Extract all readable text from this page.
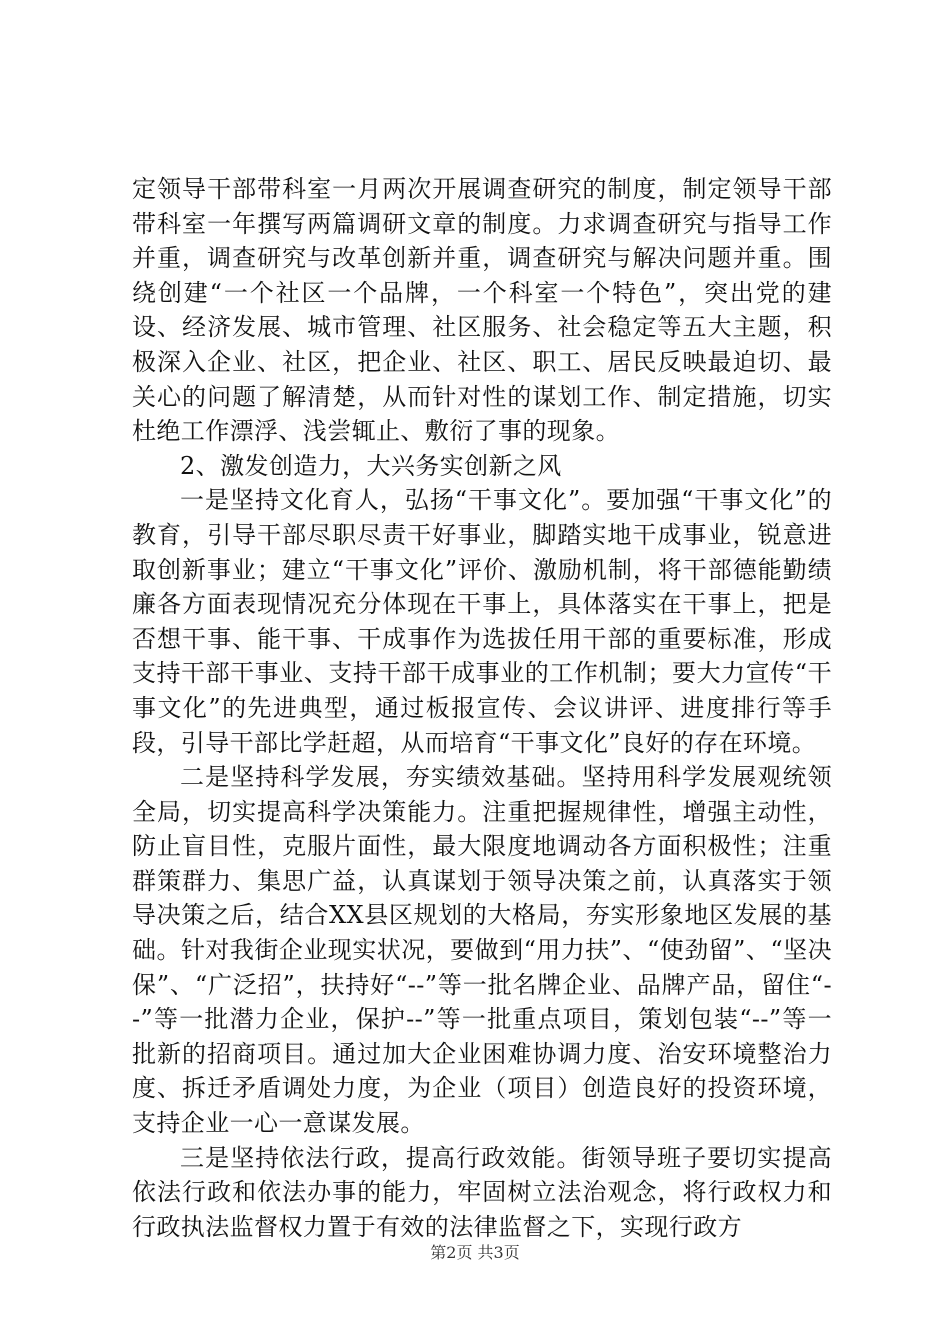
定领导干部带科室一月两次开展调查研究的制度，制定领导干部带科室一年撰写两篇调研文章的制度。力求调查研究与指导工作并重，调查研究与改革创新并重，调查研究与解决问题并重。围绕创建“一个社区一个品牌，一个科室一个特色”，突出党的建设、经济发展、城市管理、社区服务、社会稳定等五大主题，积极深入企业、社区，把企业、社区、职工、居民反映最迫切、最关心的问题了解清楚，从而针对性的谋划工作、制定措施，切实杜绝工作漂浮、浅尝辄止、敷衍了事的现象。

2、激发创造力，大兴务实创新之风

一是坚持文化育人，弘扬“干事文化”。要加强“干事文化”的教育，引导干部尽职尽责干好事业，脚踏实地干成事业，锐意进取创新事业；建立“干事文化”评价、激励机制，将干部德能勤绩廉各方面表现情况充分体现在干事上，具体落实在干事上，把是否想干事、能干事、干成事作为选拔任用干部的重要标准，形成支持干部干事业、支持干部干成事业的工作机制；要大力宣传“干事文化”的先进典型，通过板报宣传、会议讲评、进度排行等手段，引导干部比学赶超，从而培育“干事文化”良好的存在环境。

二是坚持科学发展，夯实绩效基础。坚持用科学发展观统领全局，切实提高科学决策能力。注重把握规律性，增强主动性，防止盲目性，克服片面性，最大限度地调动各方面积极性；注重群策群力、集思广益，认真谋划于领导决策之前，认真落实于领导决策之后，结合XX县区规划的大格局，夯实形象地区发展的基础。针对我街企业现实状况，要做到“用力扶”、“使劲留”、“坚决保”、“广泛招”，扶持好“--”等一批名牌企业、品牌产品，留住“--”等一批潜力企业，保护--”等一批重点项目，策划包装“--”等一批新的招商项目。通过加大企业困难协调力度、治安环境整治力度、拆迁矛盾调处力度，为企业（项目）创造良好的投资环境，支持企业一心一意谋发展。

三是坚持依法行政，提高行政效能。街领导班子要切实提高依法行政和依法办事的能力，牢固树立法治观念，将行政权力和行政执法监督权力置于有效的法律监督之下，实现行政方

第2页 共3页
